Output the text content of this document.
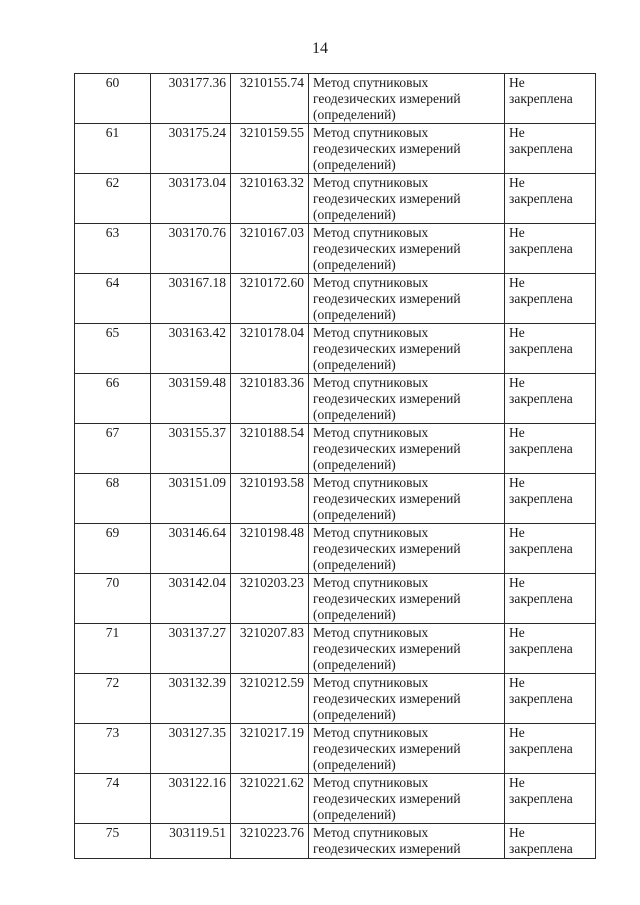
14
60	303177.36	3210155.74	Метод спутниковых геодезических измерений (определений)	Не закреплена
61	303175.24	3210159.55	Метод спутниковых геодезических измерений (определений)	Не закреплена
62	303173.04	3210163.32	Метод спутниковых геодезических измерений (определений)	Не закреплена
63	303170.76	3210167.03	Метод спутниковых геодезических измерений (определений)	Не закреплена
64	303167.18	3210172.60	Метод спутниковых геодезических измерений (определений)	Не закреплена
65	303163.42	3210178.04	Метод спутниковых геодезических измерений (определений)	Не закреплена
66	303159.48	3210183.36	Метод спутниковых геодезических измерений (определений)	Не закреплена
67	303155.37	3210188.54	Метод спутниковых геодезических измерений (определений)	Не закреплена
68	303151.09	3210193.58	Метод спутниковых геодезических измерений (определений)	Не закреплена
69	303146.64	3210198.48	Метод спутниковых геодезических измерений (определений)	Не закреплена
70	303142.04	3210203.23	Метод спутниковых геодезических измерений (определений)	Не закреплена
71	303137.27	3210207.83	Метод спутниковых геодезических измерений (определений)	Не закреплена
72	303132.39	3210212.59	Метод спутниковых геодезических измерений (определений)	Не закреплена
73	303127.35	3210217.19	Метод спутниковых геодезических измерений (определений)	Не закреплена
74	303122.16	3210221.62	Метод спутниковых геодезических измерений (определений)	Не закреплена
75	303119.51	3210223.76	Метод спутниковых геодезических измерений	Не закреплена
